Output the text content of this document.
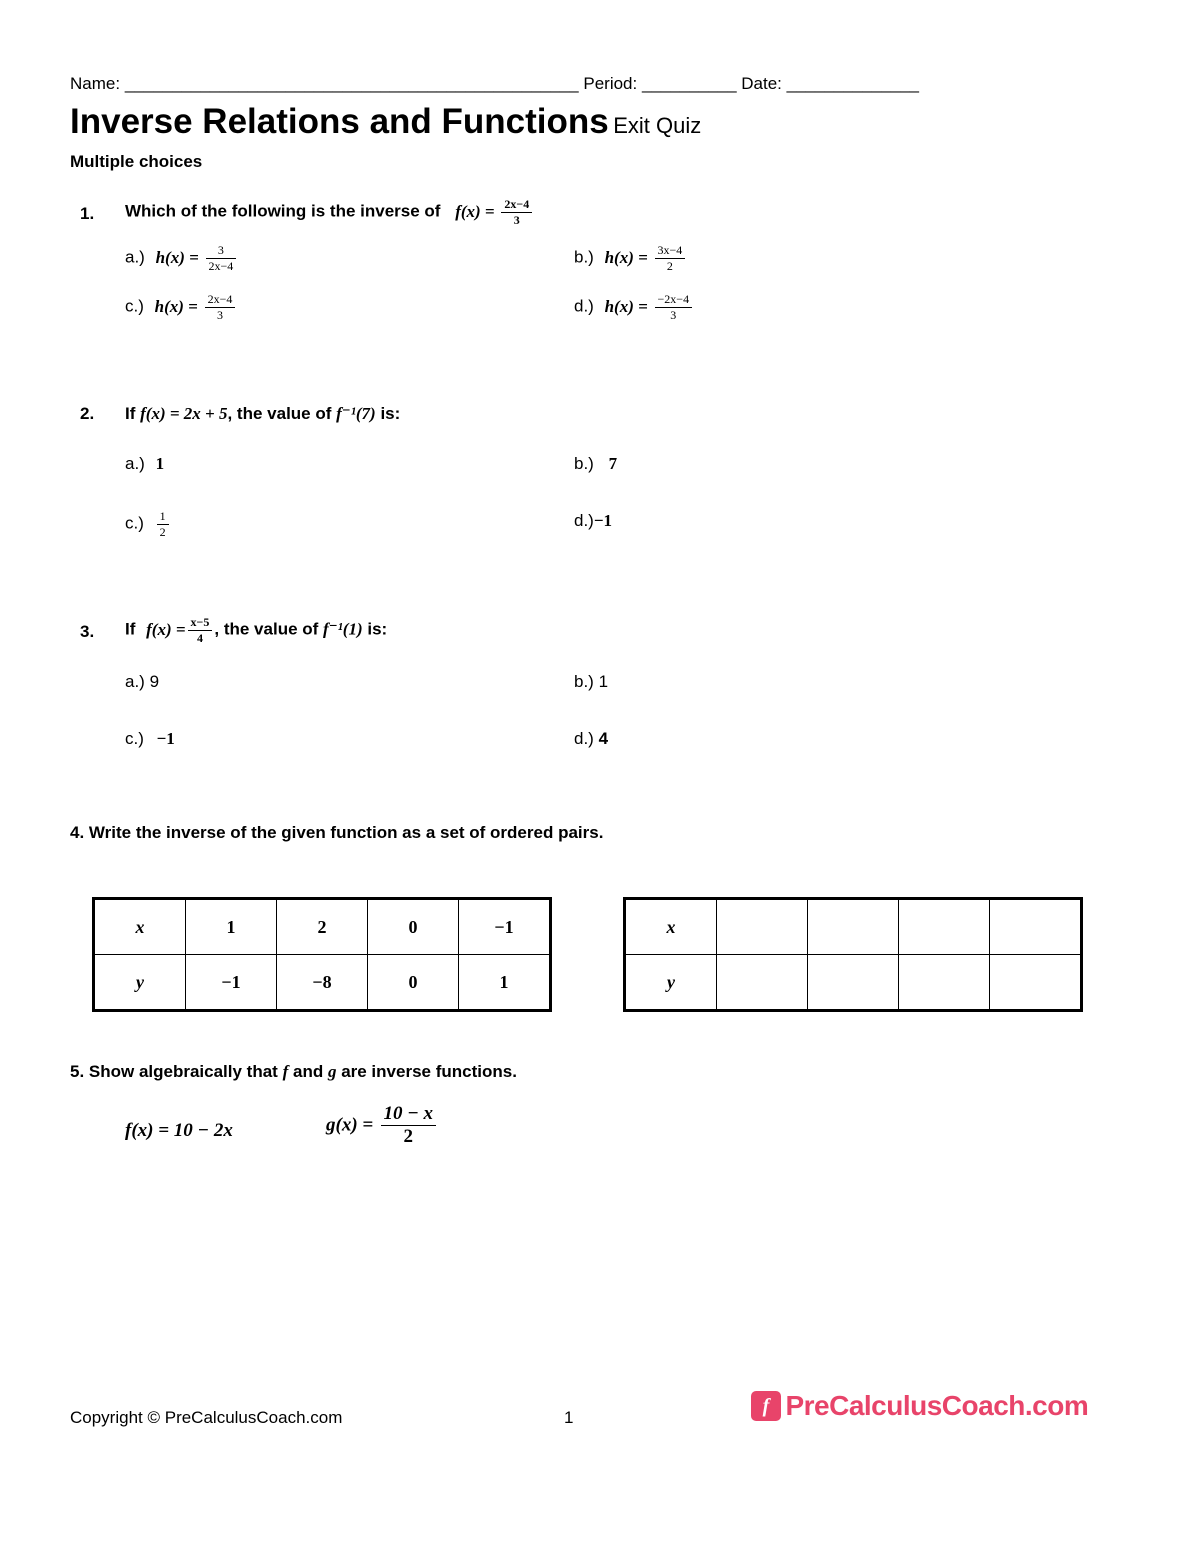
Name: ________________________________________________ Period: __________ Date: ______________
Inverse Relations and Functions Exit Quiz
Multiple choices
1. Which of the following is the inverse of $f(x) = \frac{2x-4}{3}$
a.) $h(x) = \frac{3}{2x-4}$	b.) $h(x) = \frac{3x-4}{2}$
c.) $h(x) = \frac{2x-4}{3}$	d.) $h(x) = \frac{-2x-4}{3}$
2. If f(x) = 2x + 5, the value of f⁻¹(7) is:
a.) 1	b.) 7
$c.) \frac{1}{2}$	d.)−1
3. If $f(x) = \frac{x-5}{4}$ , the value of f⁻¹(1) is:
a.) 9	b.) 1
c.) −1	d.) 4
4. Write the inverse of the given function as a set of ordered pairs.
x	1	2	0	−1
y	−1	−8	0	1
x				
y				
5. Show algebraically that f and g are inverse functions.
f(x) = 10 − 2x	$g(x) = \frac{10 - x}{2}$
Copyright © PreCalculusCoach.com	1
f PreCalculusCoach.com
